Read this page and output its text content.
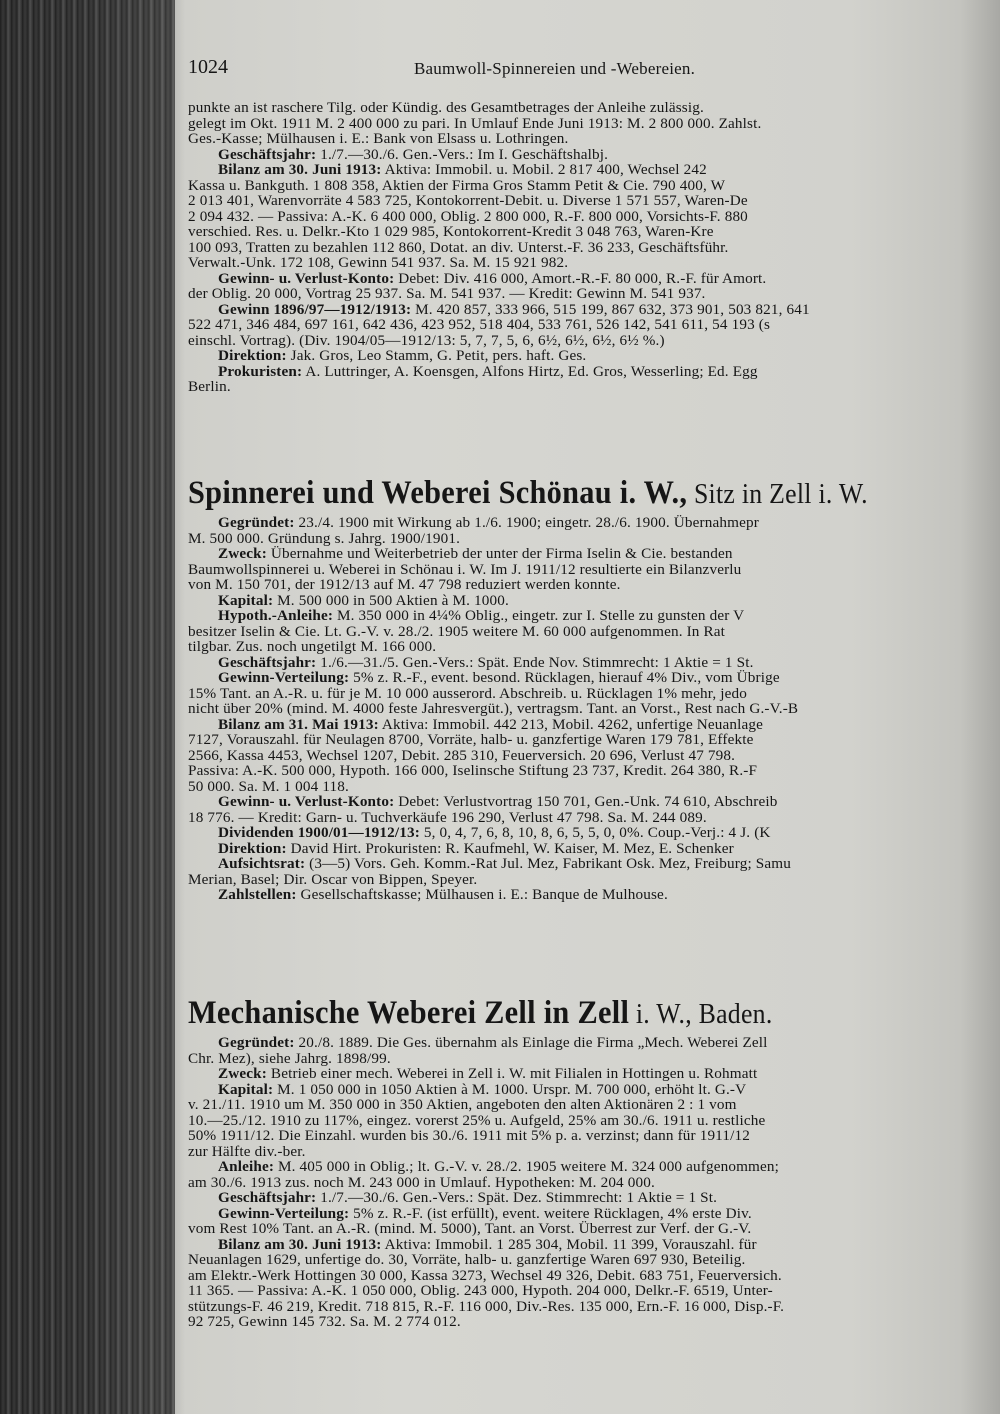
1024	Baumwoll-Spinnereien und -Webereien.
punkte an ist raschere Tilg. oder Kündig. des Gesamtbetrages der Anleihe zulässig.
gelegt im Okt. 1911 M. 2 400 000 zu pari. In Umlauf Ende Juni 1913: M. 2 800 000. Zahlst.
Ges.-Kasse; Mülhausen i. E.: Bank von Elsass u. Lothringen.
Geschäftsjahr: 1./7.—30./6. Gen.-Vers.: Im I. Geschäftshalbj.
Bilanz am 30. Juni 1913: Aktiva: Immobil. u. Mobil. 2 817 400, Wechsel 242
Kassa u. Bankguth. 1 808 358, Aktien der Firma Gros Stamm Petit & Cie. 790 400, W
2 013 401, Warenvorräte 4 583 725, Kontokorrent-Debit. u. Diverse 1 571 557, Waren-De
2 094 432. — Passiva: A.-K. 6 400 000, Oblig. 2 800 000, R.-F. 800 000, Vorsichts-F. 880
verschied. Res. u. Delkr.-Kto 1 029 985, Kontokorrent-Kredit 3 048 763, Waren-Kre
100 093, Tratten zu bezahlen 112 860, Dotat. an div. Unterst.-F. 36 233, Geschäftsführ.
Verwalt.-Unk. 172 108, Gewinn 541 937. Sa. M. 15 921 982.
Gewinn- u. Verlust-Konto: Debet: Div. 416 000, Amort.-R.-F. 80 000, R.-F. für Amort.
der Oblig. 20 000, Vortrag 25 937. Sa. M. 541 937. — Kredit: Gewinn M. 541 937.
Gewinn 1896/97—1912/1913: M. 420 857, 333 966, 515 199, 867 632, 373 901, 503 821, 641
522 471, 346 484, 697 161, 642 436, 423 952, 518 404, 533 761, 526 142, 541 611, 54 193 (s
einschl. Vortrag). (Div. 1904/05—1912/13: 5, 7, 7, 5, 6, 6½, 6½, 6½, 6½ %.)
Direktion: Jak. Gros, Leo Stamm, G. Petit, pers. haft. Ges.
Prokuristen: A. Luttringer, A. Koensgen, Alfons Hirtz, Ed. Gros, Wesserling; Ed. Egg
Berlin.
Spinnerei und Weberei Schönau i. W., Sitz in Zell i. W.
Gegründet: 23./4. 1900 mit Wirkung ab 1./6. 1900; eingetr. 28./6. 1900. Übernahmepr
M. 500 000. Gründung s. Jahrg. 1900/1901.
Zweck: Übernahme und Weiterbetrieb der unter der Firma Iselin & Cie. bestanden
Baumwollspinnerei u. Weberei in Schönau i. W. Im J. 1911/12 resultierte ein Bilanzverlu
von M. 150 701, der 1912/13 auf M. 47 798 reduziert werden konnte.
Kapital: M. 500 000 in 500 Aktien à M. 1000.
Hypoth.-Anleihe: M. 350 000 in 4¼% Oblig., eingetr. zur I. Stelle zu gunsten der V
besitzer Iselin & Cie. Lt. G.-V. v. 28./2. 1905 weitere M. 60 000 aufgenommen. In Rat
tilgbar. Zus. noch ungetilgt M. 166 000.
Geschäftsjahr: 1./6.—31./5. Gen.-Vers.: Spät. Ende Nov. Stimmrecht: 1 Aktie = 1 St.
Gewinn-Verteilung: 5% z. R.-F., event. besond. Rücklagen, hierauf 4% Div., vom Übrige
15% Tant. an A.-R. u. für je M. 10 000 ausserord. Abschreib. u. Rücklagen 1% mehr, jedo
nicht über 20% (mind. M. 4000 feste Jahresvergüt.), vertragsm. Tant. an Vorst., Rest nach G.-V.-B
Bilanz am 31. Mai 1913: Aktiva: Immobil. 442 213, Mobil. 4262, unfertige Neuanlage
7127, Vorauszahl. für Neulagen 8700, Vorräte, halb- u. ganzfertige Waren 179 781, Effekte
2566, Kassa 4453, Wechsel 1207, Debit. 285 310, Feuerversich. 20 696, Verlust 47 798.
Passiva: A.-K. 500 000, Hypoth. 166 000, Iselinsche Stiftung 23 737, Kredit. 264 380, R.-F
50 000. Sa. M. 1 004 118.
Gewinn- u. Verlust-Konto: Debet: Verlustvortrag 150 701, Gen.-Unk. 74 610, Abschreib
18 776. — Kredit: Garn- u. Tuchverkäufe 196 290, Verlust 47 798. Sa. M. 244 089.
Dividenden 1900/01—1912/13: 5, 0, 4, 7, 6, 8, 10, 8, 6, 5, 5, 0, 0%. Coup.-Verj.: 4 J. (K
Direktion: David Hirt. Prokuristen: R. Kaufmehl, W. Kaiser, M. Mez, E. Schenker
Aufsichtsrat: (3—5) Vors. Geh. Komm.-Rat Jul. Mez, Fabrikant Osk. Mez, Freiburg; Samu
Merian, Basel; Dir. Oscar von Bippen, Speyer.
Zahlstellen: Gesellschaftskasse; Mülhausen i. E.: Banque de Mulhouse.
Mechanische Weberei Zell in Zell i. W., Baden.
Gegründet: 20./8. 1889. Die Ges. übernahm als Einlage die Firma „Mech. Weberei Zell
Chr. Mez), siehe Jahrg. 1898/99.
Zweck: Betrieb einer mech. Weberei in Zell i. W. mit Filialen in Hottingen u. Rohmatt
Kapital: M. 1 050 000 in 1050 Aktien à M. 1000. Urspr. M. 700 000, erhöht lt. G.-V
v. 21./11. 1910 um M. 350 000 in 350 Aktien, angeboten den alten Aktionären 2 : 1 vom
10.—25./12. 1910 zu 117%, eingez. vorerst 25% u. Aufgeld, 25% am 30./6. 1911 u. restliche
50% 1911/12. Die Einzahl. wurden bis 30./6. 1911 mit 5% p. a. verzinst; dann für 1911/12
zur Hälfte div.-ber.
Anleihe: M. 405 000 in Oblig.; lt. G.-V. v. 28./2. 1905 weitere M. 324 000 aufgenommen;
am 30./6. 1913 zus. noch M. 243 000 in Umlauf. Hypotheken: M. 204 000.
Geschäftsjahr: 1./7.—30./6. Gen.-Vers.: Spät. Dez. Stimmrecht: 1 Aktie = 1 St.
Gewinn-Verteilung: 5% z. R.-F. (ist erfüllt), event. weitere Rücklagen, 4% erste Div.
vom Rest 10% Tant. an A.-R. (mind. M. 5000), Tant. an Vorst. Überrest zur Verf. der G.-V.
Bilanz am 30. Juni 1913: Aktiva: Immobil. 1 285 304, Mobil. 11 399, Vorauszahl. für
Neuanlagen 1629, unfertige do. 30, Vorräte, halb- u. ganzfertige Waren 697 930, Beteilig.
am Elektr.-Werk Hottingen 30 000, Kassa 3273, Wechsel 49 326, Debit. 683 751, Feuerversich.
11 365. — Passiva: A.-K. 1 050 000, Oblig. 243 000, Hypoth. 204 000, Delkr.-F. 6519, Unter-
stützungs-F. 46 219, Kredit. 718 815, R.-F. 116 000, Div.-Res. 135 000, Ern.-F. 16 000, Disp.-F.
92 725, Gewinn 145 732. Sa. M. 2 774 012.
